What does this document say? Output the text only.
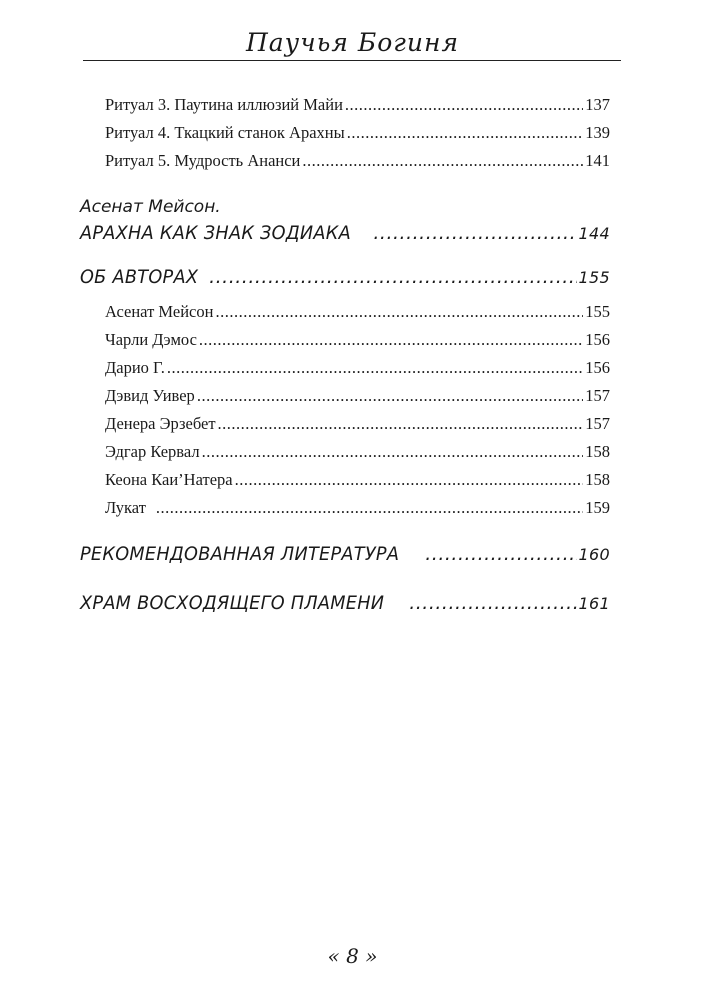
Паучья Богиня
Ритуал 3. Паутина иллюзий Майи .....	137
Ритуал 4. Ткацкий станок Арахны .....	139
Ритуал 5. Мудрость Ананси .....	141
Асенат Мейсон.
АРАХНА КАК ЗНАК ЗОДИАКА .....	144
ОБ АВТОРАХ .....	155
Асенат Мейсон .....	155
Чарли Дэмос .....	156
Дарио Г. .....	156
Дэвид Уивер .....	157
Денера Эрзебет .....	157
Эдгар Кервал .....	158
Кеона Каи’Натера .....	158
Лукат .....	159
РЕКОМЕНДОВАННАЯ ЛИТЕРАТУРА .....	160
ХРАМ ВОСХОДЯЩЕГО ПЛАМЕНИ .....	161
« 8 »
